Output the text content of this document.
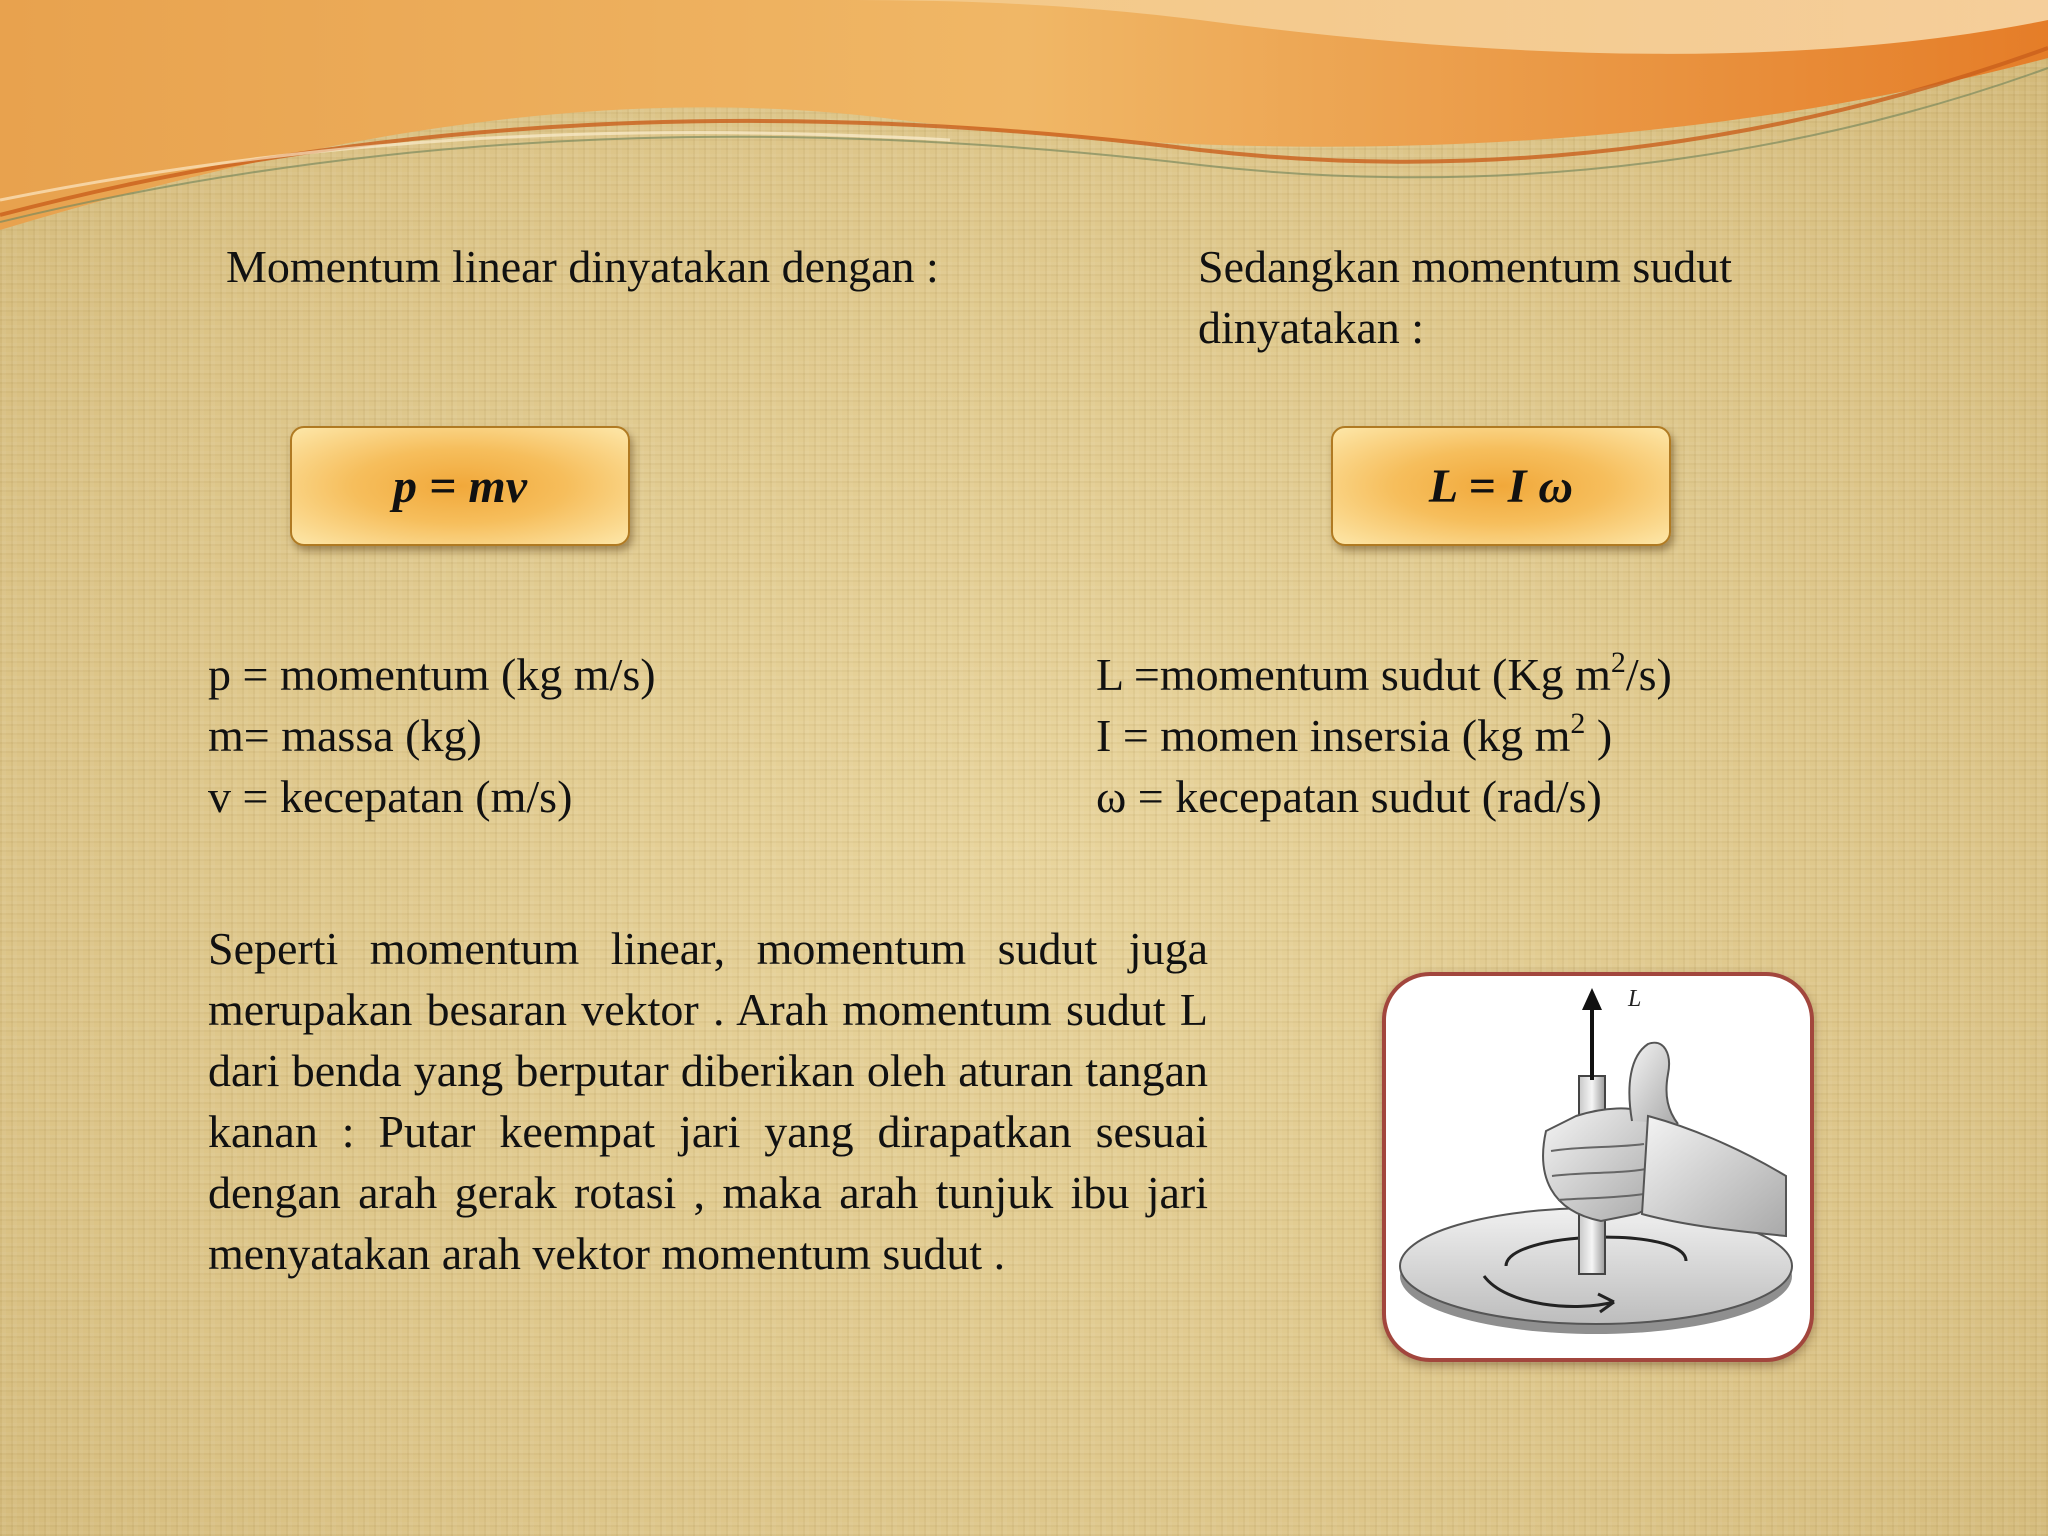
Momentum linear dinyatakan dengan :	Sedangkan momentum sudut dinyatakan :
p = mv	L = I ω
p = momentum (kg m/s)
m= massa (kg)
v = kecepatan (m/s)
L =momentum sudut (Kg $m^2/s$)
I = momen insersia (kg $m^2$ )
ω = kecepatan sudut (rad/s)
Seperti momentum linear, momentum sudut juga merupakan besaran vektor . Arah momentum sudut L dari benda yang berputar diberikan oleh aturan tangan kanan : Putar keempat jari yang dirapatkan sesuai dengan arah gerak rotasi , maka arah tunjuk ibu jari menyatakan arah vektor momentum sudut .
L
